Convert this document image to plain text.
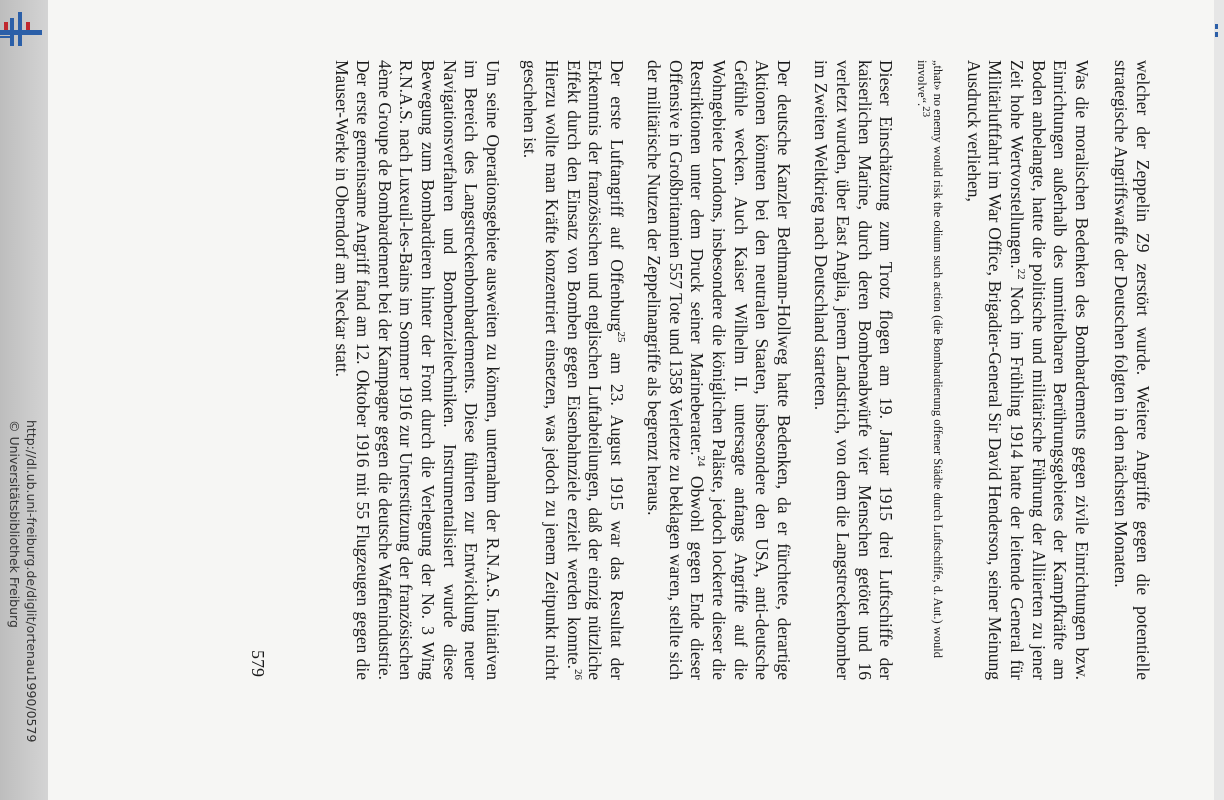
http://dl.ub.uni-freiburg.de/diglit/ortenau1990/0579
© Universitätsbibliothek Freiburg	welcher der Zeppelin Z9 zerstört wurde. Weitere Angriffe gegen die potentielle strategische Angriffswaffe der Deutschen folgten in den nächsten Monaten.

Was die moralischen Bedenken des Bombardements gegen zivile Einrichtungen bzw. Einrichtungen außerhalb des unmittelbaren Berührungsgebietes der Kampfkräfte am Boden anbelangte, hatte die politische und militärische Führung der Alliierten zu jener Zeit hohe Wertvorstellungen.$^{22}$ Noch im Frühling 1914 hatte der leitende General für Militärluftfahrt im War Office, Brigadier-General Sir David Henderson, seiner Meinung Ausdruck verliehen,

„that» no enemy would risk the odium such action (die Bombardierung offener Städte durch Luftschiffe, d. Aut.) would involve“.$^{23}$

Dieser Einschätzung zum Trotz flogen am 19. Januar 1915 drei Luftschiffe der kaiserlichen Marine, durch deren Bombenabwürfe vier Menschen getötet und 16 verletzt wurden, über East Anglia, jenem Landstrich, von dem die Langstreckenbomber im Zweiten Weltkrieg nach Deutschland starteten.

Der deutsche Kanzler Bethmann-Hollweg hatte Bedenken, da er fürchtete, derartige Aktionen könnten bei den neutralen Staaten, insbesondere den USA, anti-deutsche Gefühle wecken. Auch Kaiser Wilhelm II. untersagte anfangs Angriffe auf die Wohngebiete Londons, insbesondere die königlichen Paläste, jedoch lockerte dieser die Restriktionen unter dem Druck seiner Marineberater.$^{24}$ Obwohl gegen Ende dieser Offensive in Großbritannien 557 Tote und 1358 Verletzte zu beklagen waren, stellte sich der militärische Nutzen der Zeppelinangriffe als begrenzt heraus.

Der erste Luftangriff auf Offenburg$^{25}$ am 23. August 1915 war das Resultat der Erkenntnis der französischen und englischen Luftabteilungen, daß der einzig nützliche Effekt durch den Einsatz von Bomben gegen Eisenbahnziele erzielt werden konnte.$^{26}$ Hierzu wollte man Kräfte konzentriert einsetzen, was jedoch zu jenem Zeitpunkt nicht geschehen ist.

Um seine Operationsgebiete ausweiten zu können, unternahm der R.N.A.S. Initiativen im Bereich des Langstreckenbombardements. Diese führten zur Entwicklung neuer Navigationsverfahren und Bombenzieltechniken. Instrumentalisiert wurde diese Bewegung zum Bombardieren hinter der Front durch die Verlegung der No. 3 Wing R.N.A.S. nach Luxeuil-les-Bains im Sommer 1916 zur Unterstützung der französischen 4ème Groupe de Bombardement bei der Kampagne gegen die deutsche Waffenindustrie. Der erste gemeinsame Angriff fand am 12. Oktober 1916 mit 55 Flugzeugen gegen die Mauser-Werke in Oberndorf am Neckar statt.

579
